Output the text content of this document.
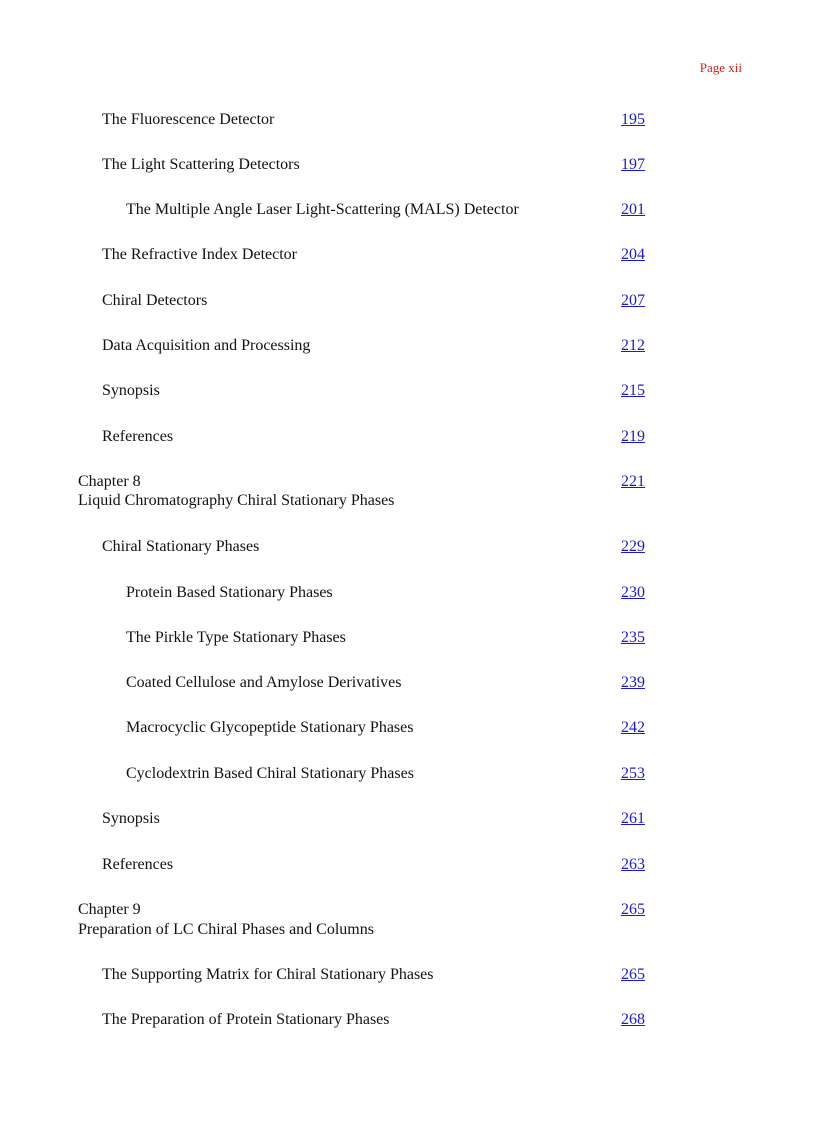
Page xii
The Fluorescence Detector	195
The Light Scattering Detectors	197
The Multiple Angle Laser Light-Scattering (MALS) Detector	201
The Refractive Index Detector	204
Chiral Detectors	207
Data Acquisition and Processing	212
Synopsis	215
References	219
Chapter 8	221
Liquid Chromatography Chiral Stationary Phases
Chiral Stationary Phases	229
Protein Based Stationary Phases	230
The Pirkle Type Stationary Phases	235
Coated Cellulose and Amylose Derivatives	239
Macrocyclic Glycopeptide Stationary Phases	242
Cyclodextrin Based Chiral Stationary Phases	253
Synopsis	261
References	263
Chapter 9	265
Preparation of LC Chiral Phases and Columns
The Supporting Matrix for Chiral Stationary Phases	265
The Preparation of Protein Stationary Phases	268
